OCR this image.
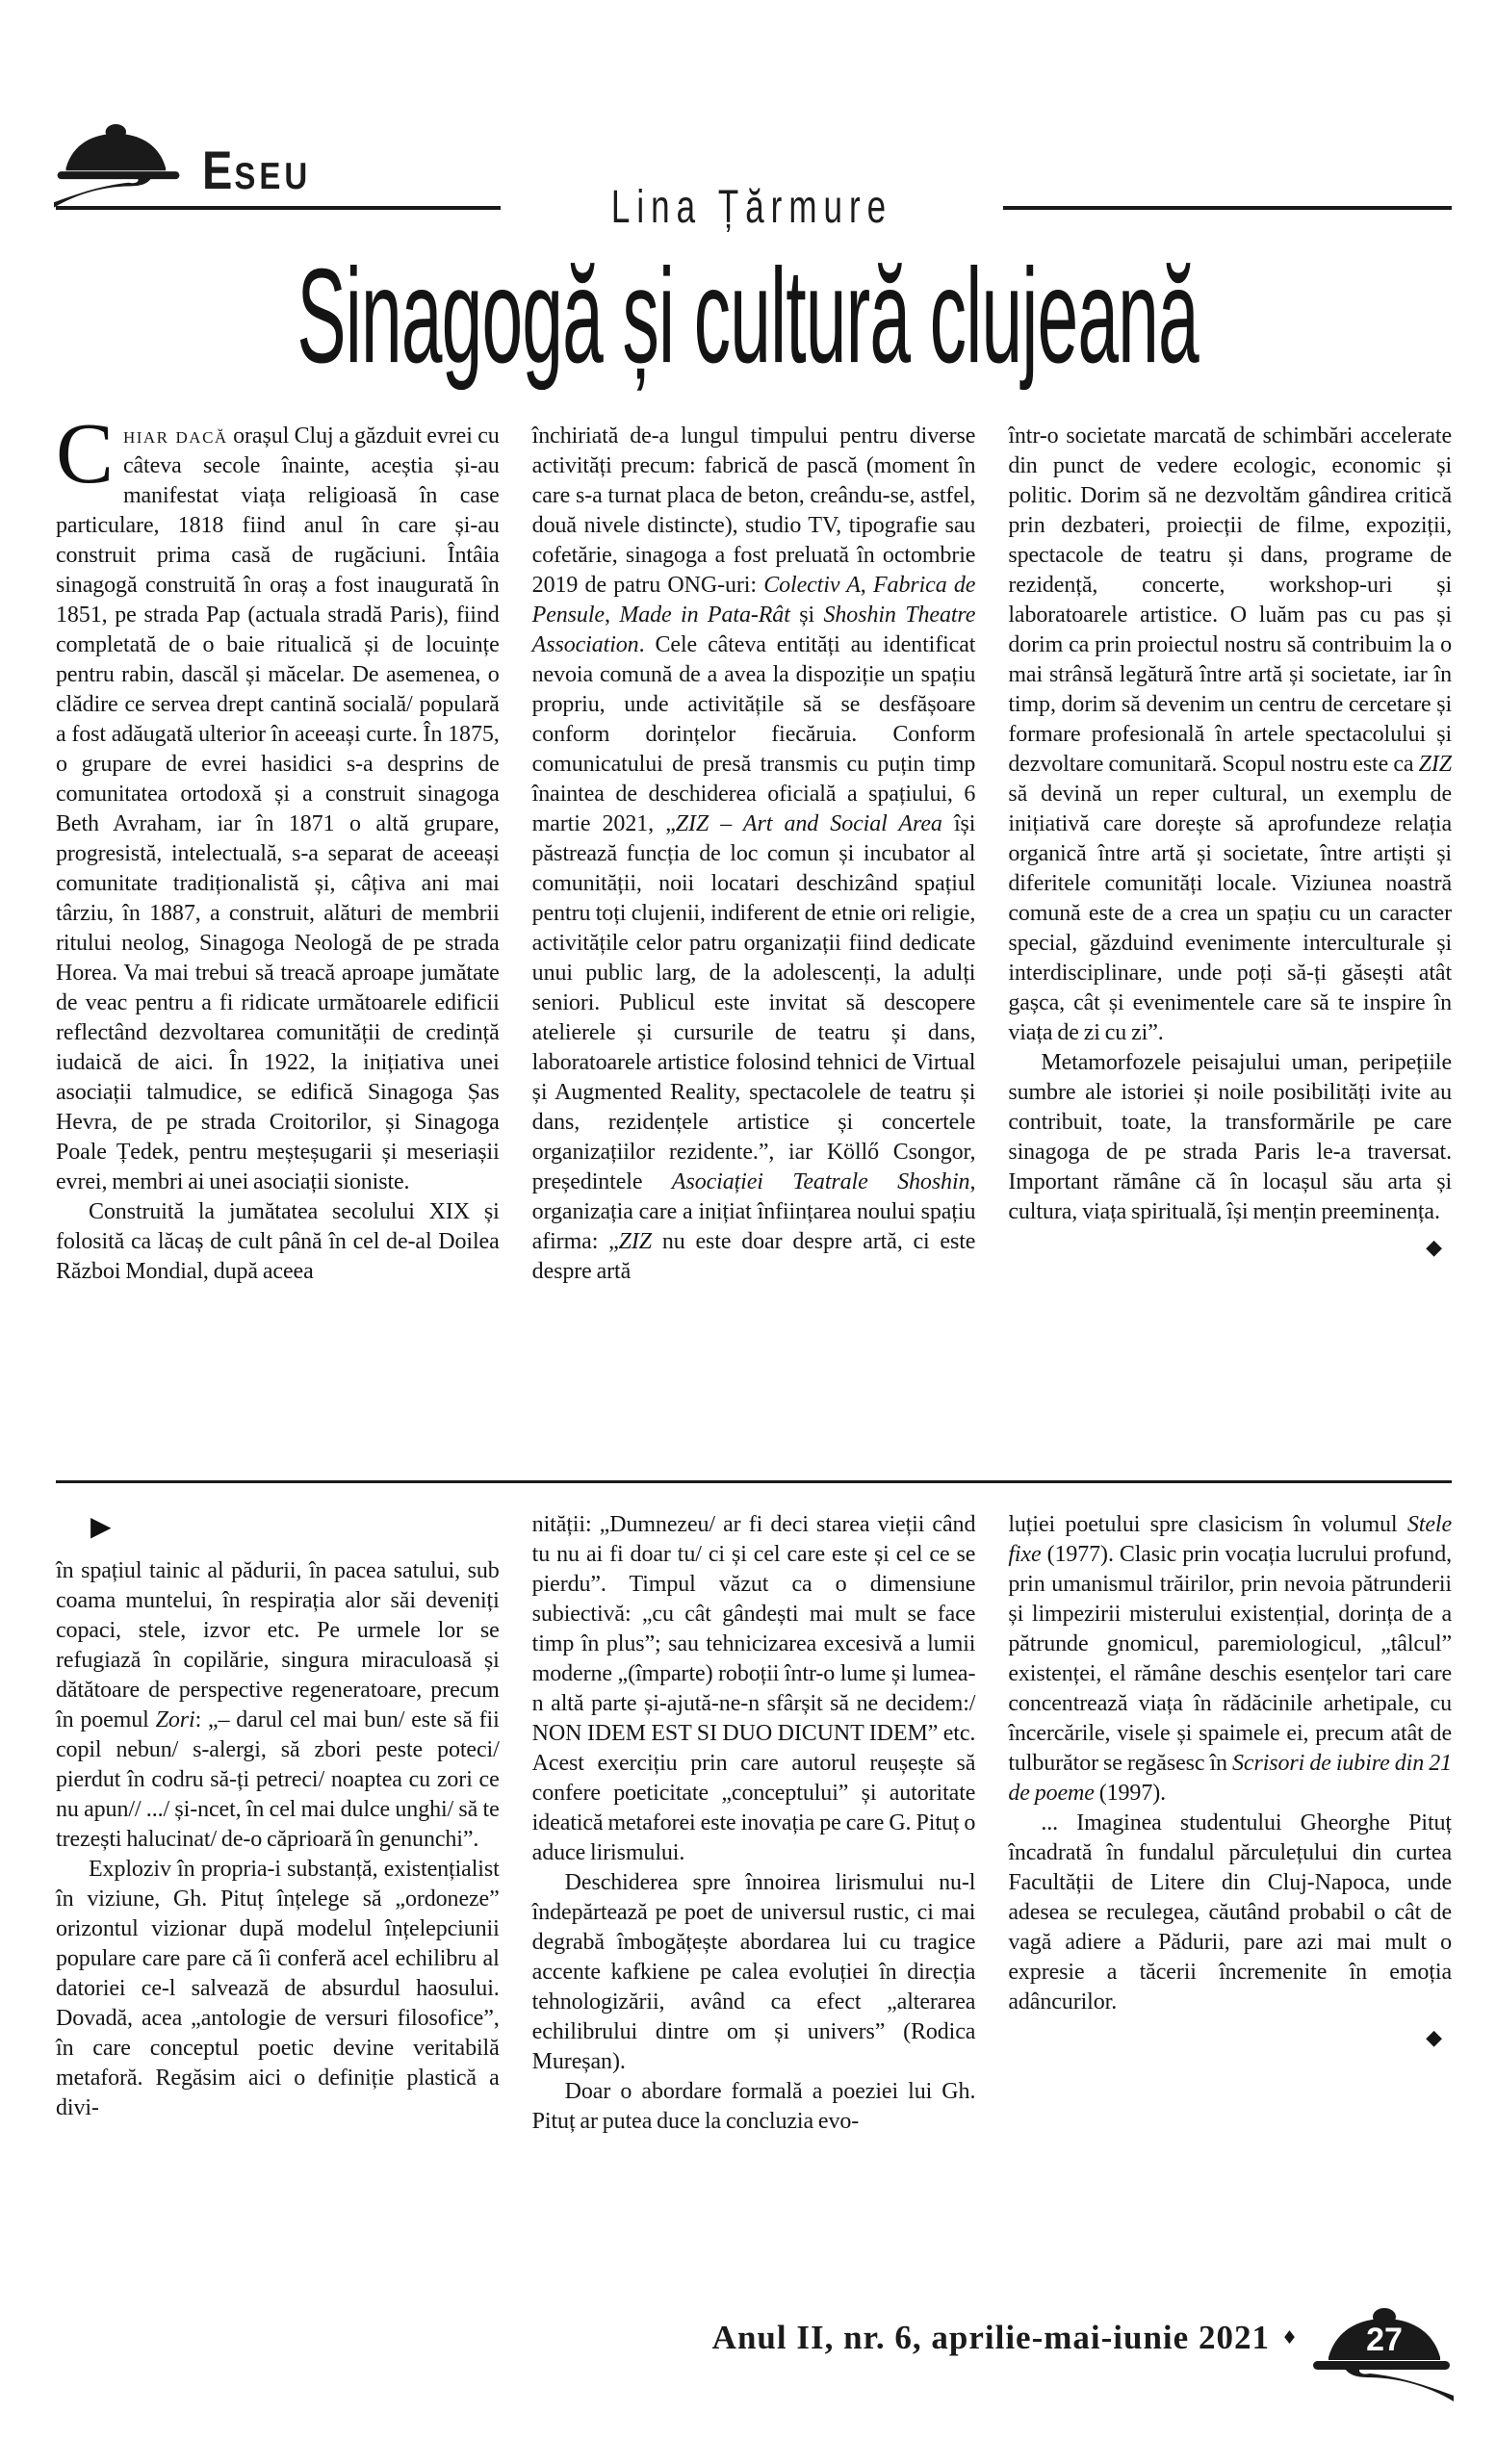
ESEU
Lina Țărmure
Sinagogă și cultură clujeană

Chiar dacă orașul Cluj a găzduit evrei cu câteva secole înainte, aceștia și-au manifestat viața religioasă în case particulare, 1818 fiind anul în care și-au construit prima casă de rugăciuni. Întâia sinagogă construită în oraș a fost inaugurată în 1851, pe strada Pap (actuala stradă Paris), fiind completată de o baie ritualică și de locuințe pentru rabin, dascăl și măcelar. De asemenea, o clădire ce servea drept cantină socială/ populară a fost adăugată ulterior în aceeași curte. În 1875, o grupare de evrei hasidici s-a desprins de comunitatea ortodoxă și a construit sinagoga Beth Avraham, iar în 1871 o altă grupare, progresistă, intelectuală, s-a separat de aceeași comunitate tradiționalistă și, câțiva ani mai târziu, în 1887, a construit, alături de membrii ritului neolog, Sinagoga Neologă de pe strada Horea. Va mai trebui să treacă aproape jumătate de veac pentru a fi ridicate următoarele edificii reflectând dezvoltarea comunității de credință iudaică de aici. În 1922, la inițiativa unei asociații talmudice, se edifică Sinagoga Șas Hevra, de pe strada Croitorilor, și Sinagoga Poale Țedek, pentru meșteșugarii și meseriașii evrei, membri ai unei asociații sioniste.

Construită la jumătatea secolului XIX și folosită ca lăcaș de cult până în cel de-al Doilea Război Mondial, după aceea

închiriată de-a lungul timpului pentru diverse activități precum: fabrică de pască (moment în care s-a turnat placa de beton, creându-se, astfel, două nivele distincte), studio TV, tipografie sau cofetărie, sinagoga a fost preluată în octombrie 2019 de patru ONG-uri: Colectiv A, Fabrica de Pensule, Made in Pata-Rât și Shoshin Theatre Association. Cele câteva entități au identificat nevoia comună de a avea la dispoziție un spațiu propriu, unde activitățile să se desfășoare conform dorințelor fiecăruia. Conform comunicatului de presă transmis cu puțin timp înaintea de deschiderea oficială a spațiului, 6 martie 2021, „ZIZ – Art and Social Area își păstrează funcția de loc comun și incubator al comunității, noii locatari deschizând spațiul pentru toți clujenii, indiferent de etnie ori religie, activitățile celor patru organizații fiind dedicate unui public larg, de la adolescenți, la adulți seniori. Publicul este invitat să descopere atelierele și cursurile de teatru și dans, laboratoarele artistice folosind tehnici de Virtual și Augmented Reality, spectacolele de teatru și dans, rezidențele artistice și concertele organizațiilor rezidente.”, iar Köllő Csongor, președintele Asociației Teatrale Shoshin, organizația care a inițiat înființarea noului spațiu afirma: „ZIZ nu este doar despre artă, ci este despre artă

într-o societate marcată de schimbări accelerate din punct de vedere ecologic, economic și politic. Dorim să ne dezvoltăm gândirea critică prin dezbateri, proiecții de filme, expoziții, spectacole de teatru și dans, programe de rezidență, concerte, workshop-uri și laboratoarele artistice. O luăm pas cu pas și dorim ca prin proiectul nostru să contribuim la o mai strânsă legătură între artă și societate, iar în timp, dorim să devenim un centru de cercetare și formare profesională în artele spectacolului și dezvoltare comunitară. Scopul nostru este ca ZIZ să devină un reper cultural, un exemplu de inițiativă care dorește să aprofundeze relația organică între artă și societate, între artiști și diferitele comunități locale. Viziunea noastră comună este de a crea un spațiu cu un caracter special, găzduind evenimente interculturale și interdisciplinare, unde poți să-ți găsești atât gașca, cât și evenimentele care să te inspire în viața de zi cu zi”.

Metamorfozele peisajului uman, peripețiile sumbre ale istoriei și noile posibilități ivite au contribuit, toate, la transformările pe care sinagoga de pe strada Paris le-a traversat. Important rămâne că în locașul său arta și cultura, viața spirituală, își mențin preeminența.

◆
▶

în spațiul tainic al pădurii, în pacea satului, sub coama muntelui, în respirația alor săi deveniți copaci, stele, izvor etc. Pe urmele lor se refugiază în copilărie, singura miraculoasă și dătătoare de perspective regeneratoare, precum în poemul Zori: „– darul cel mai bun/ este să fii copil nebun/ s-alergi, să zbori peste poteci/ pierdut în codru să-ți petreci/ noaptea cu zori ce nu apun// .../ și-ncet, în cel mai dulce unghi/ să te trezești halucinat/ de-o căprioară în genunchi”.

Exploziv în propria-i substanță, existențialist în viziune, Gh. Pituț înțelege să „ordoneze” orizontul vizionar după modelul înțelepciunii populare care pare că îi conferă acel echilibru al datoriei ce-l salvează de absurdul haosului. Dovadă, acea „antologie de versuri filosofice”, în care conceptul poetic devine veritabilă metaforă. Regăsim aici o definiție plastică a divi-

nității: „Dumnezeu/ ar fi deci starea vieții când tu nu ai fi doar tu/ ci și cel care este și cel ce se pierdu”. Timpul văzut ca o dimensiune subiectivă: „cu cât gândești mai mult se face timp în plus”; sau tehnicizarea excesivă a lumii moderne „(împarte) roboții într-o lume și lumea-n altă parte și-ajută-ne-n sfârșit să ne decidem:/ NON IDEM EST SI DUO DICUNT IDEM” etc. Acest exercițiu prin care autorul reușește să confere poeticitate „conceptului” și autoritate ideatică metaforei este inovația pe care G. Pituț o aduce lirismului.

Deschiderea spre înnoirea lirismului nu-l îndepărtează pe poet de universul rustic, ci mai degrabă îmbogățește abordarea lui cu tragice accente kafkiene pe calea evoluției în direcția tehnologizării, având ca efect „alterarea echilibrului dintre om și univers” (Rodica Mureșan).

Doar o abordare formală a poeziei lui Gh. Pituț ar putea duce la concluzia evo-

luției poetului spre clasicism în volumul Stele fixe (1977). Clasic prin vocația lucrului profund, prin umanismul trăirilor, prin nevoia pătrunderii și limpezirii misterului existențial, dorința de a pătrunde gnomicul, paremiologicul, „tâlcul” existenței, el rămâne deschis esențelor tari care concentrează viața în rădăcinile arhetipale, cu încercările, visele și spaimele ei, precum atât de tulburător se regăsesc în Scrisori de iubire din 21 de poeme (1997).

... Imaginea studentului Gheorghe Pituț încadrată în fundalul părculețului din curtea Facultății de Litere din Cluj-Napoca, unde adesea se reculegea, căutând probabil o cât de vagă adiere a Pădurii, pare azi mai mult o expresie a tăcerii încremenite în emoția adâncurilor.

◆
Anul II, nr. 6, aprilie-mai-iunie 2021 ♦ 27
